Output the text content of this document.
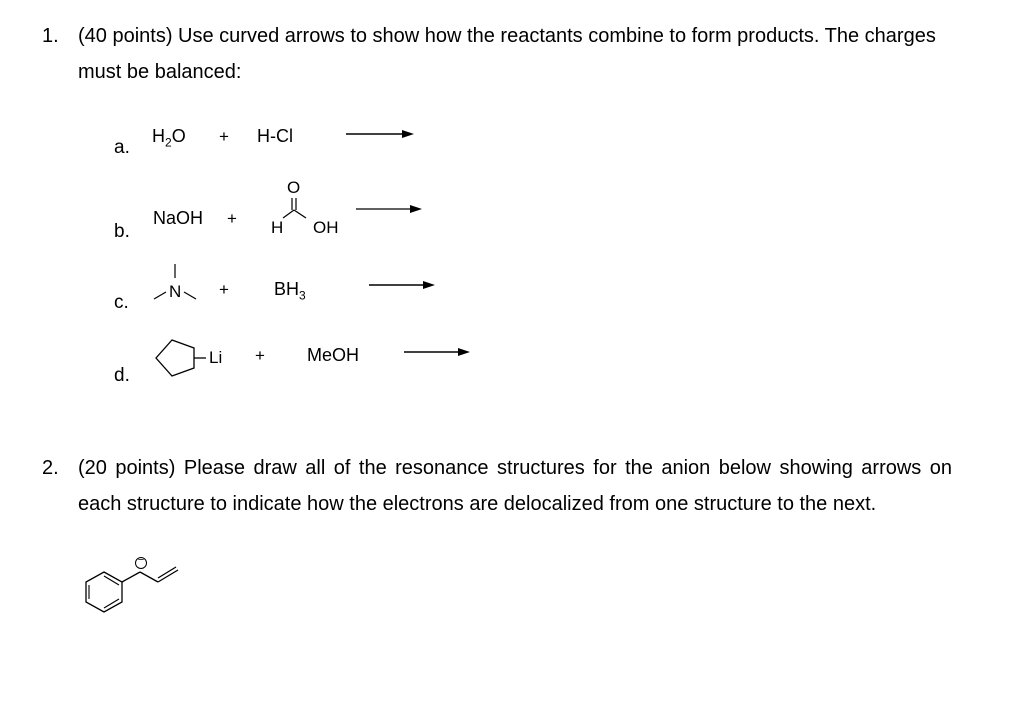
1. (40 points) Use curved arrows to show how the reactants combine to form products. The charges must be balanced:
a.
$H_2O + H-Cl$
b.
NaOH +
O
H OH
c.
N +	$BH_3$
d.
Li + MeOH
2. (20 points) Please draw all of the resonance structures for the anion below showing arrows on each structure to indicate how the electrons are delocalized from one structure to the next.
−
